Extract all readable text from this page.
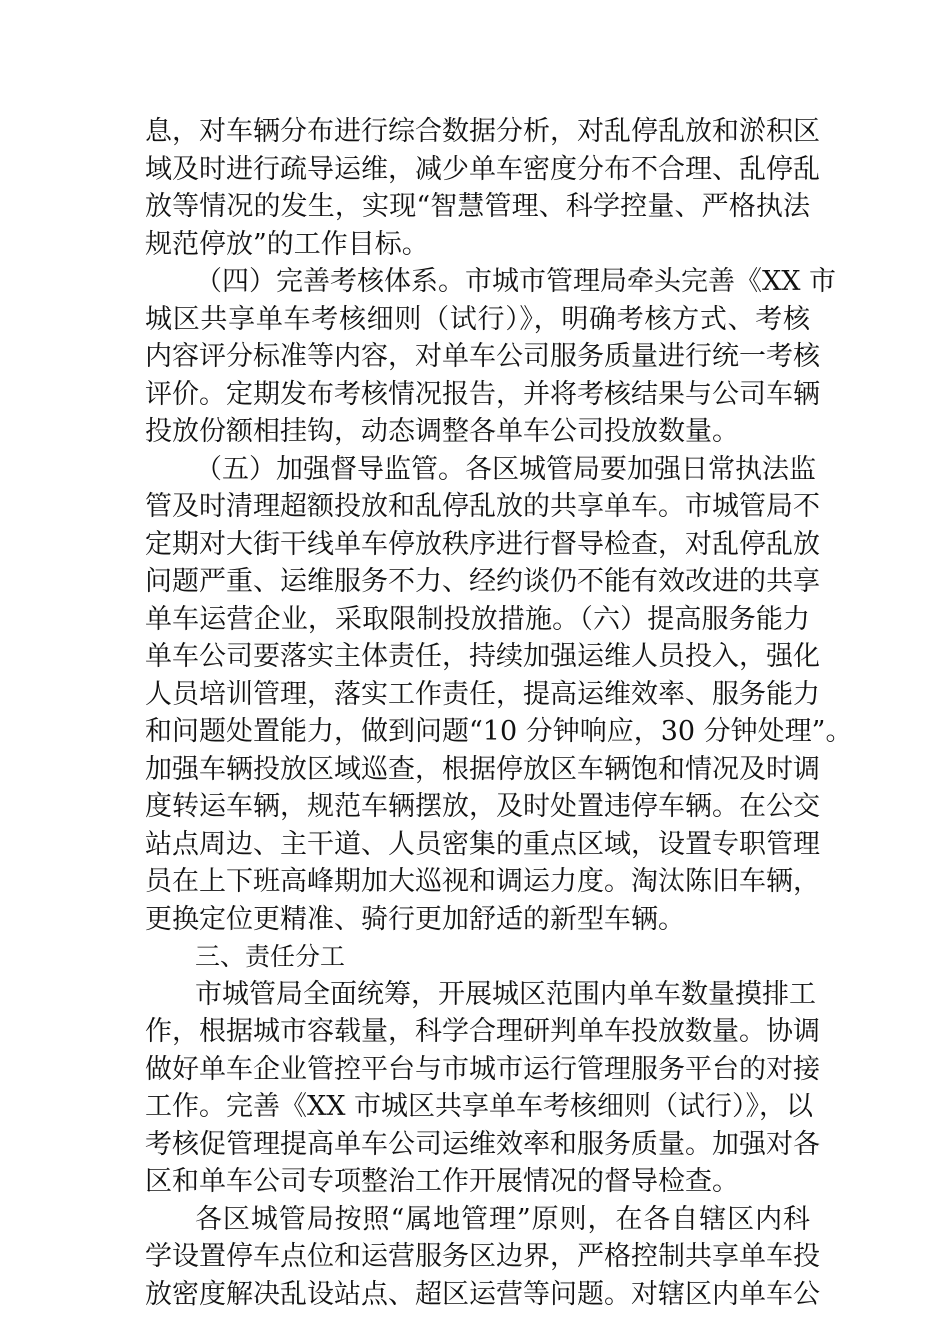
息，对车辆分布进行综合数据分析，对乱停乱放和淤积区
域及时进行疏导运维，减少单车密度分布不合理、乱停乱
放等情况的发生，实现“智慧管理、科学控量、严格执法
规范停放”的工作目标。
（四）完善考核体系。市城市管理局牵头完善《XX 市
城区共享单车考核细则（试行）》，明确考核方式、考核
内容评分标准等内容，对单车公司服务质量进行统一考核
评价。定期发布考核情况报告，并将考核结果与公司车辆
投放份额相挂钩，动态调整各单车公司投放数量。
（五）加强督导监管。各区城管局要加强日常执法监
管及时清理超额投放和乱停乱放的共享单车。市城管局不
定期对大街干线单车停放秩序进行督导检查，对乱停乱放
问题严重、运维服务不力、经约谈仍不能有效改进的共享
单车运营企业，采取限制投放措施。（六）提高服务能力
单车公司要落实主体责任，持续加强运维人员投入，强化
人员培训管理，落实工作责任，提高运维效率、服务能力
和问题处置能力，做到问题“10 分钟响应，30 分钟处理”。
加强车辆投放区域巡查，根据停放区车辆饱和情况及时调
度转运车辆，规范车辆摆放，及时处置违停车辆。在公交
站点周边、主干道、人员密集的重点区域，设置专职管理
员在上下班高峰期加大巡视和调运力度。淘汰陈旧车辆，
更换定位更精准、骑行更加舒适的新型车辆。
三、责任分工
市城管局全面统筹，开展城区范围内单车数量摸排工
作，根据城市容载量，科学合理研判单车投放数量。协调
做好单车企业管控平台与市城市运行管理服务平台的对接
工作。完善《XX 市城区共享单车考核细则（试行）》，以
考核促管理提高单车公司运维效率和服务质量。加强对各
区和单车公司专项整治工作开展情况的督导检查。
各区城管局按照“属地管理”原则，在各自辖区内科
学设置停车点位和运营服务区边界，严格控制共享单车投
放密度解决乱设站点、超区运营等问题。对辖区内单车公
